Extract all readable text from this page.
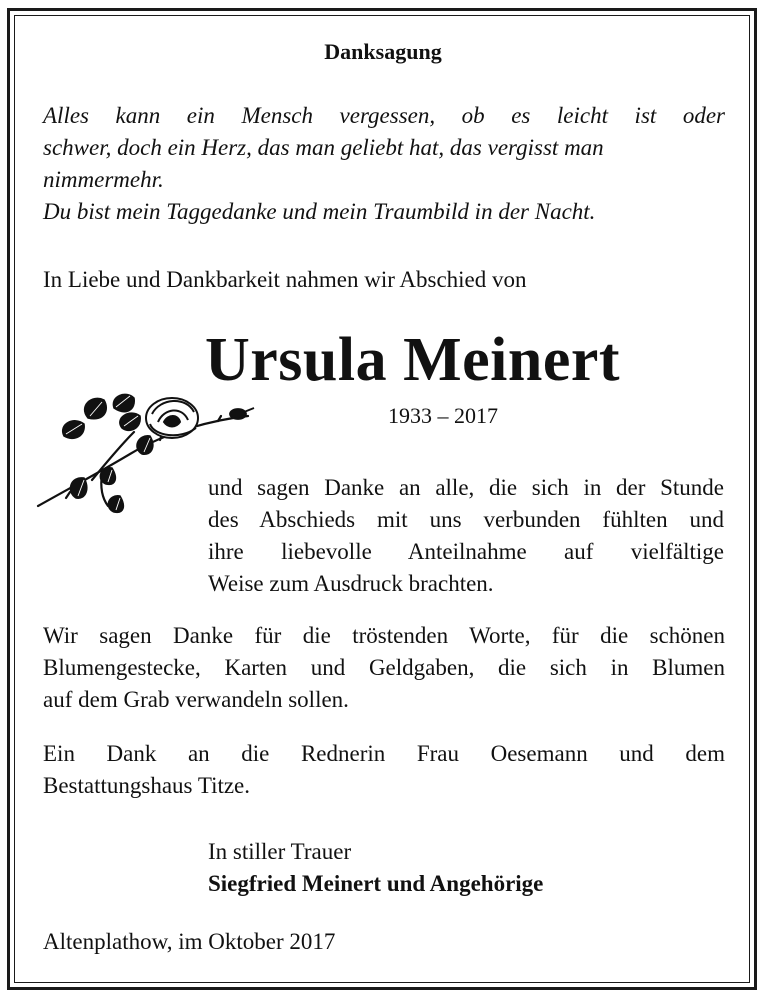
Danksagung

Alles kann ein Mensch vergessen, ob es leicht ist oder
schwer, doch ein Herz, das man geliebt hat, das vergisst man
nimmermehr.
Du bist mein Taggedanke und mein Traumbild in der Nacht.

In Liebe und Dankbarkeit nahmen wir Abschied von

Ursula Meinert

1933 – 2017

und sagen Danke an alle, die sich in der Stunde
des Abschieds mit uns verbunden fühlten und
ihre liebevolle Anteilnahme auf vielfältige
Weise zum Ausdruck brachten.
Wir sagen Danke für die tröstenden Worte, für die schönen
Blumengestecke, Karten und Geldgaben, die sich in Blumen
auf dem Grab verwandeln sollen.
Ein Dank an die Rednerin Frau Oesemann und dem
Bestattungshaus Titze.

In stiller Trauer

Siegfried Meinert und Angehörige

Altenplathow, im Oktober 2017
